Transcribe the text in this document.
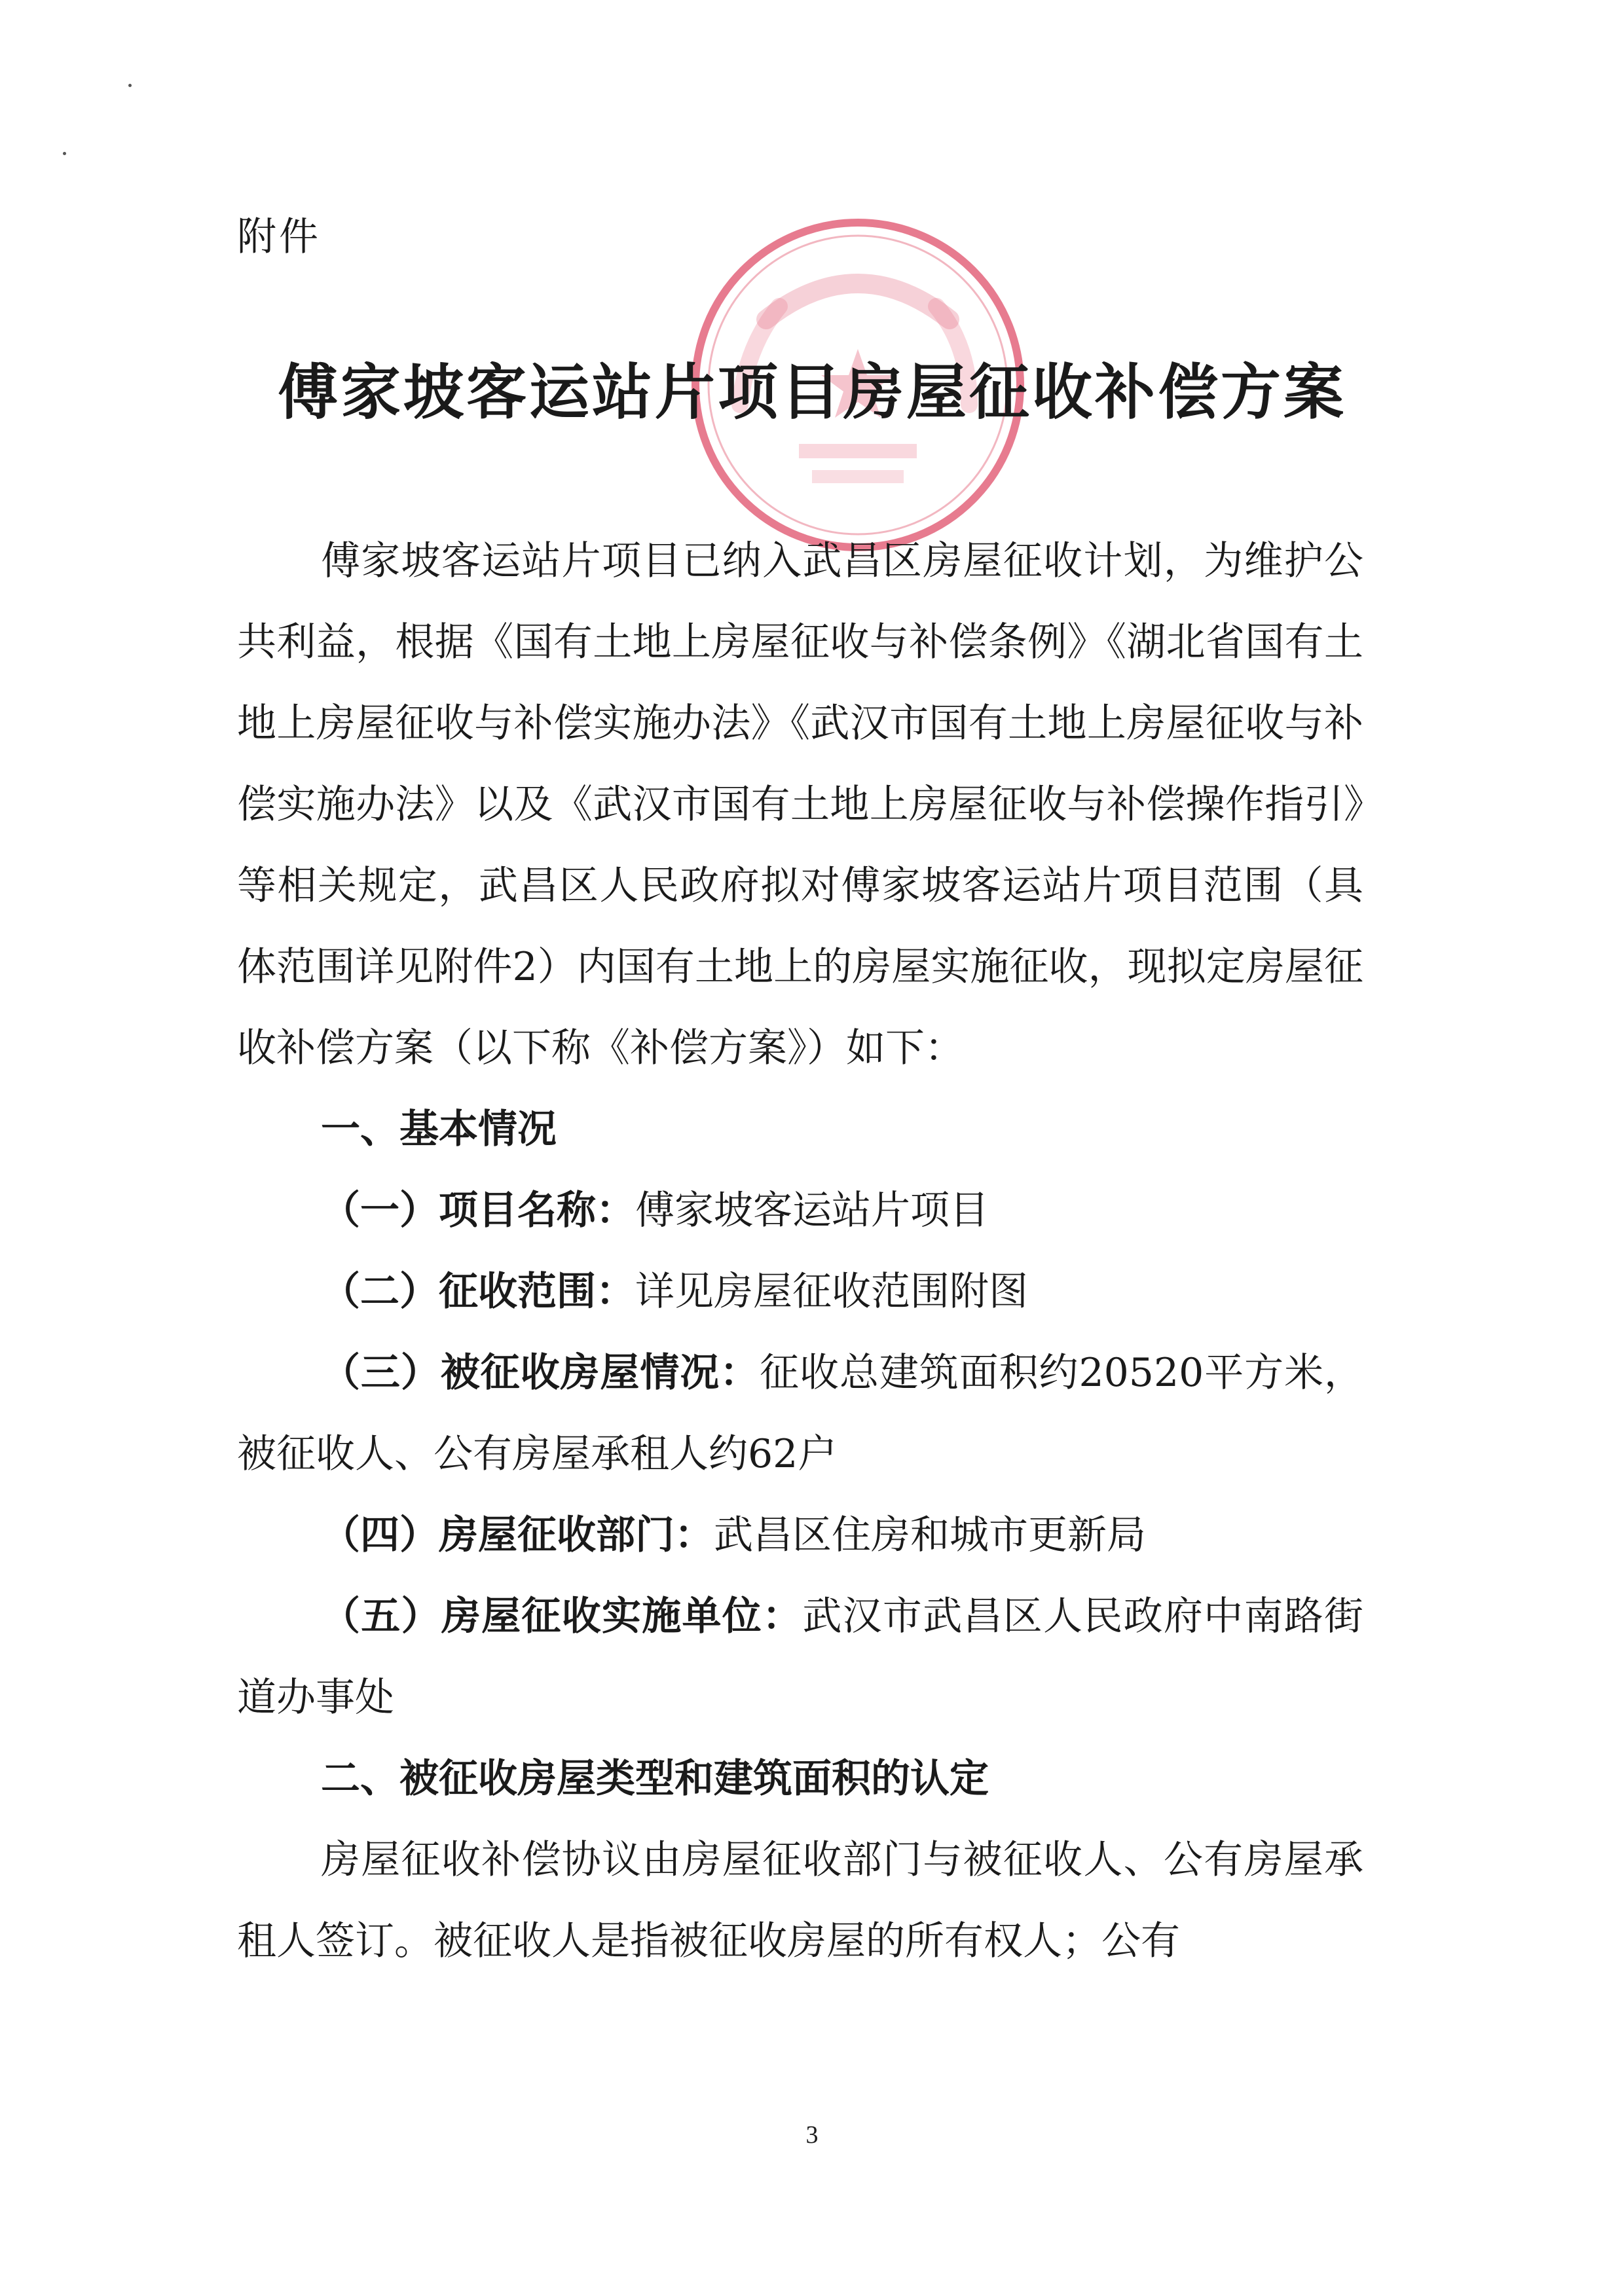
附件
傅家坡客运站片项目房屋征收补偿方案

傅家坡客运站片项目已纳入武昌区房屋征收计划，为维护公共利益，根据《国有土地上房屋征收与补偿条例》《湖北省国有土地上房屋征收与补偿实施办法》《武汉市国有土地上房屋征收与补偿实施办法》以及《武汉市国有土地上房屋征收与补偿操作指引》等相关规定，武昌区人民政府拟对傅家坡客运站片项目范围（具体范围详见附件2）内国有土地上的房屋实施征收，现拟定房屋征收补偿方案（以下称《补偿方案》）如下：

一、基本情况

（一）项目名称：傅家坡客运站片项目

（二）征收范围：详见房屋征收范围附图

（三）被征收房屋情况：征收总建筑面积约20520平方米，被征收人、公有房屋承租人约62户

（四）房屋征收部门：武昌区住房和城市更新局

（五）房屋征收实施单位：武汉市武昌区人民政府中南路街道办事处

二、被征收房屋类型和建筑面积的认定

房屋征收补偿协议由房屋征收部门与被征收人、公有房屋承租人签订。被征收人是指被征收房屋的所有权人；公有

3
